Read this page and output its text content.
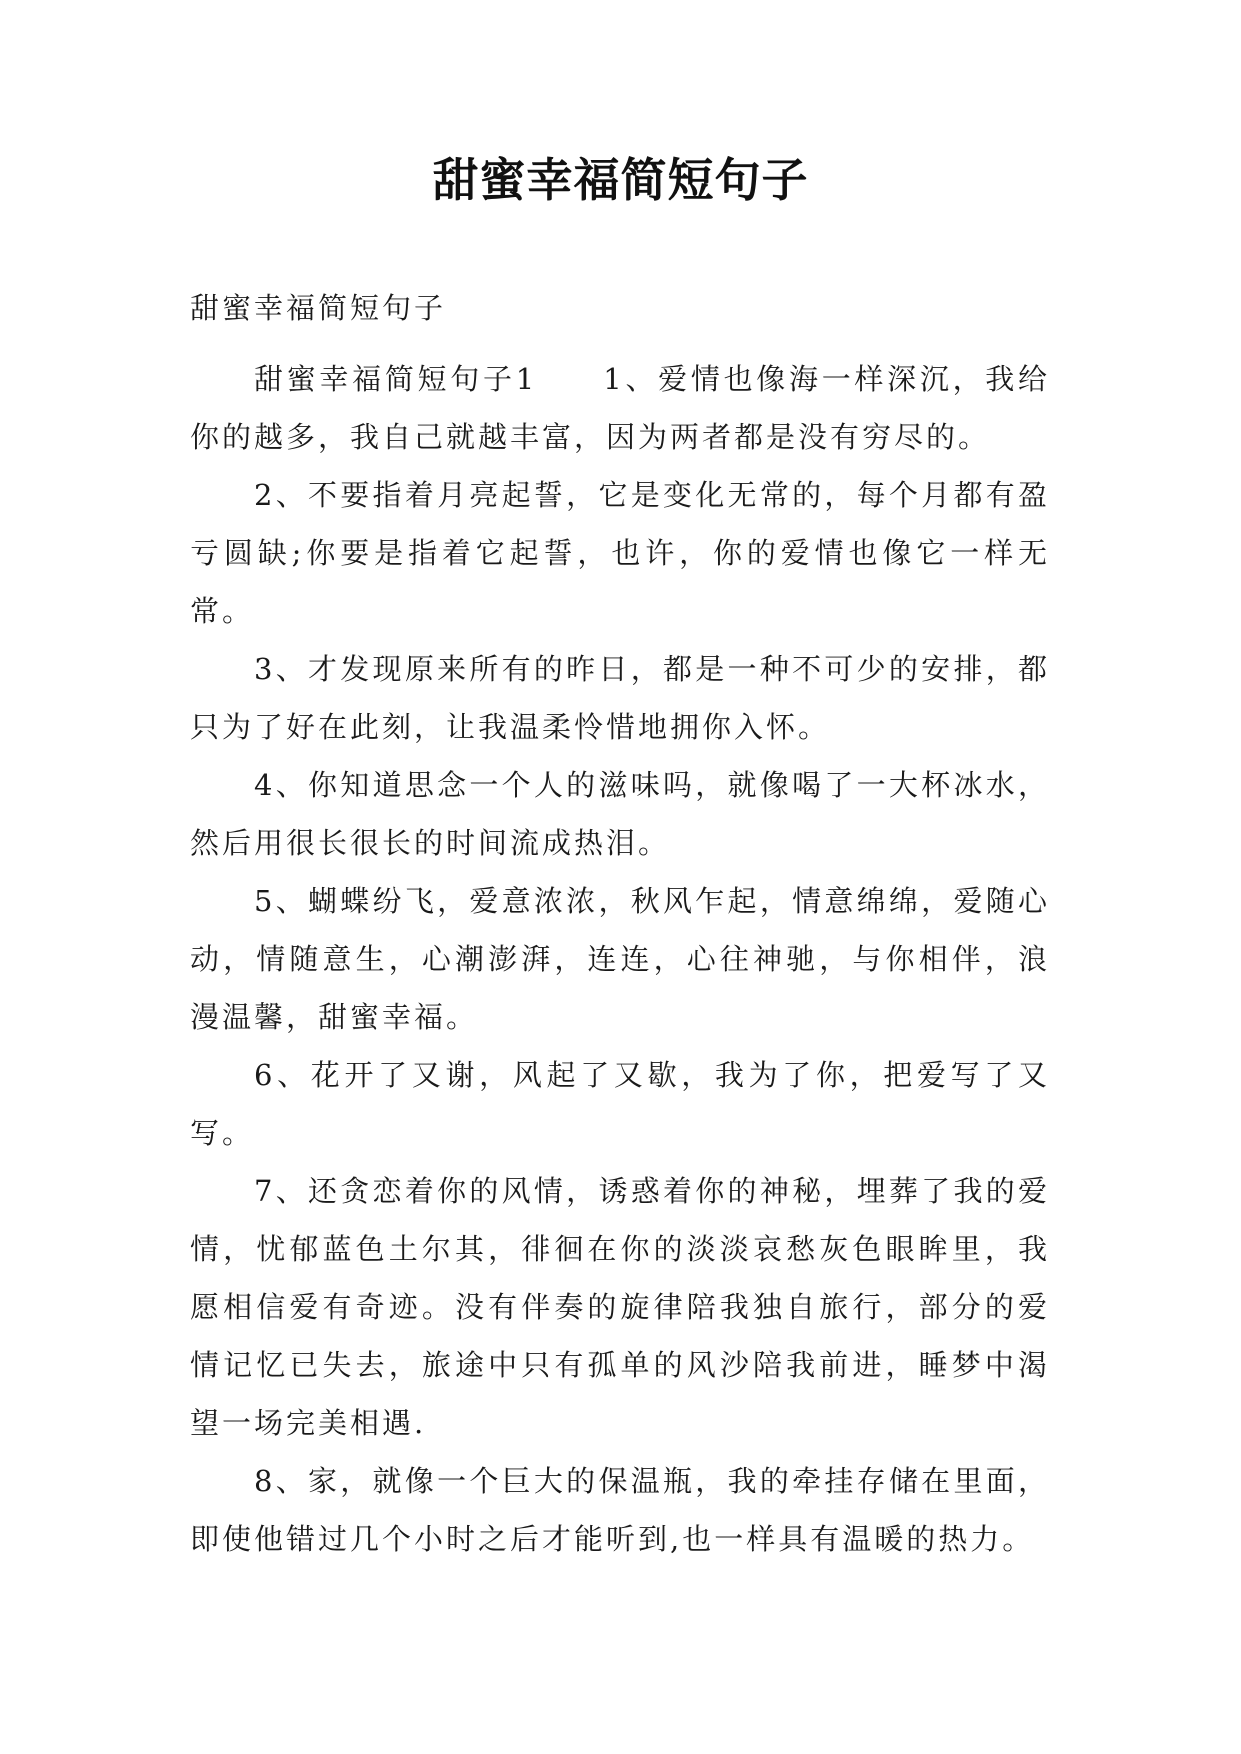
甜蜜幸福简短句子

甜蜜幸福简短句子

甜蜜幸福简短句子1　　1、爱情也像海一样深沉，我给你的越多，我自己就越丰富，因为两者都是没有穷尽的。

2、不要指着月亮起誓，它是变化无常的，每个月都有盈亏圆缺;你要是指着它起誓，也许，你的爱情也像它一样无常。

3、才发现原来所有的昨日，都是一种不可少的安排，都只为了好在此刻，让我温柔怜惜地拥你入怀。

4、你知道思念一个人的滋味吗，就像喝了一大杯冰水，然后用很长很长的时间流成热泪。

5、蝴蝶纷飞，爱意浓浓，秋风乍起，情意绵绵，爱随心动，情随意生，心潮澎湃，连连，心往神驰，与你相伴，浪漫温馨，甜蜜幸福。

6、花开了又谢，风起了又歇，我为了你，把爱写了又写。

7、还贪恋着你的风情，诱惑着你的神秘，埋葬了我的爱情，忧郁蓝色土尔其，徘徊在你的淡淡哀愁灰色眼眸里，我愿相信爱有奇迹。没有伴奏的旋律陪我独自旅行，部分的爱情记忆已失去，旅途中只有孤单的风沙陪我前进，睡梦中渴望一场完美相遇.

8、家，就像一个巨大的保温瓶，我的牵挂存储在里面，即使他错过几个小时之后才能听到,也一样具有温暖的热力。
